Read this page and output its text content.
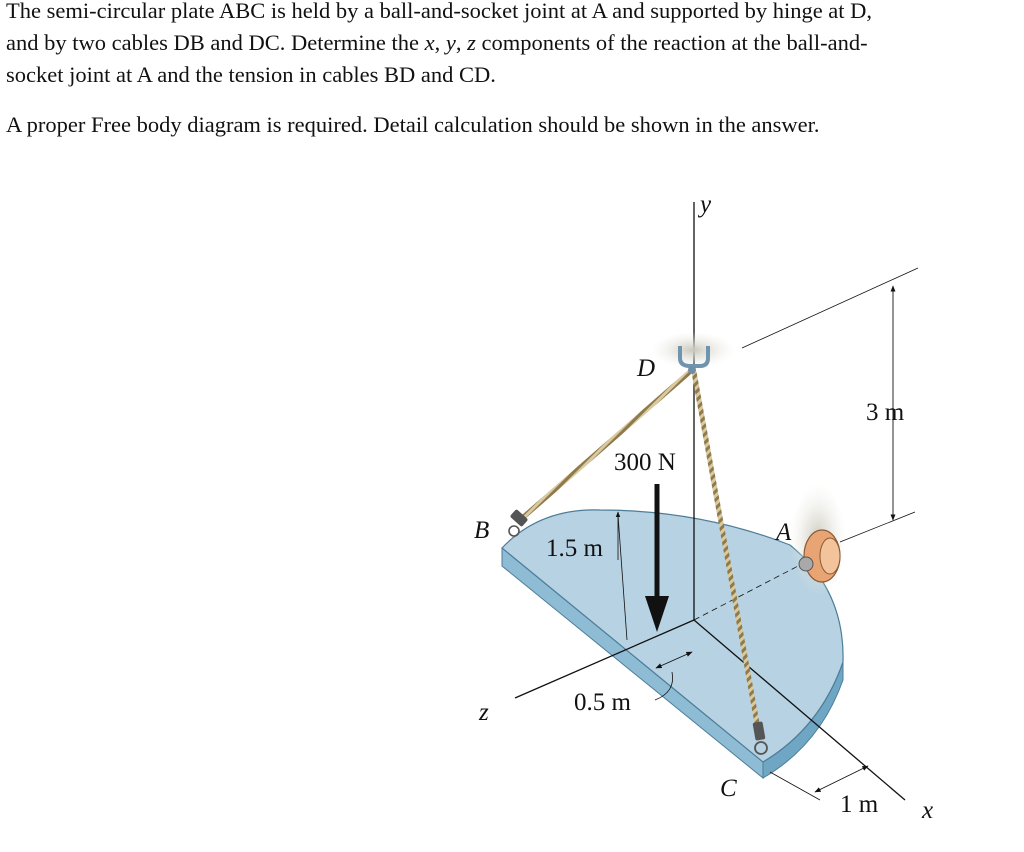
The semi-circular plate ABC is held by a ball-and-socket joint at A and supported by hinge at D,

and by two cables DB and DC. Determine the x, y, z components of the reaction at the ball-and-

socket joint at A and the tension in cables BD and CD.

A proper Free body diagram is required. Detail calculation should be shown in the answer.

y
x
z
D
B	A
C
300 N
3 m
1.5 m
0.5 m
1 m
